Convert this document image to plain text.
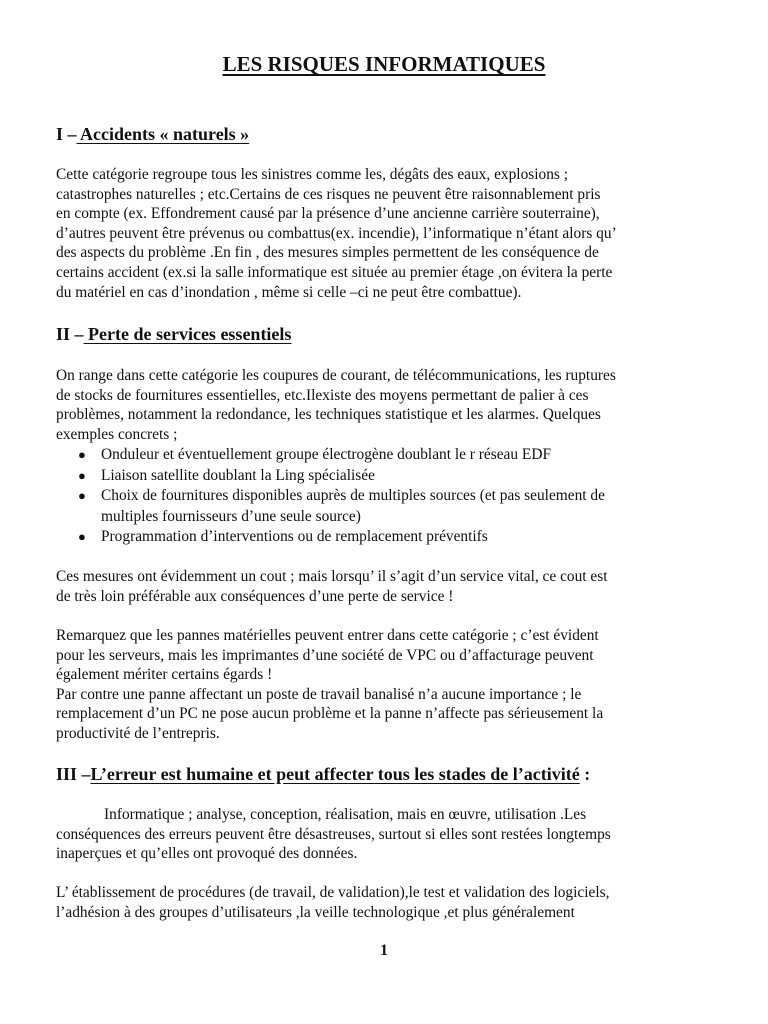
LES RISQUES INFORMATIQUES
I – Accidents « naturels »

Cette catégorie regroupe tous les sinistres comme les, dégâts des eaux, explosions ;
catastrophes naturelles ; etc.Certains de ces risques ne peuvent être raisonnablement pris
en compte (ex. Effondrement causé par la présence d’une ancienne carrière souterraine),
d’autres peuvent être prévenus ou combattus(ex. incendie), l’informatique n’étant alors qu’
des aspects du problème .En fin , des mesures simples permettent de les conséquence de
certains accident (ex.si la salle informatique est située au premier étage ,on évitera la perte
du matériel en cas d’inondation , même si celle –ci ne peut être combattue).

II – Perte de services essentiels

On range dans cette catégorie les coupures de courant, de télécommunications, les ruptures
de stocks de fournitures essentielles, etc.Ilexiste des moyens permettant de palier à ces
problèmes, notamment la redondance, les techniques statistique et les alarmes. Quelques
exemples concrets ;

● Onduleur et éventuellement groupe électrogène doublant le r réseau EDF
● Liaison satellite doublant la Ling spécialisée
● Choix de fournitures disponibles auprès de multiples sources (et pas seulement de
multiples fournisseurs d’une seule source)
● Programmation d’interventions ou de remplacement préventifs

Ces mesures ont évidemment un cout ; mais lorsqu’ il s’agit d’un service vital, ce cout est
de très loin préférable aux conséquences d’une perte de service !

Remarquez que les pannes matérielles peuvent entrer dans cette catégorie ; c’est évident
pour les serveurs, mais les imprimantes d’une société de VPC ou d’affacturage peuvent
également mériter certains égards !
Par contre une panne affectant un poste de travail banalisé n’a aucune importance ; le
remplacement d’un PC ne pose aucun problème et la panne n’affecte pas sérieusement la
productivité de l’entrepris.

III –L’erreur est humaine et peut affecter tous les stades de l’activité :

Informatique ; analyse, conception, réalisation, mais en œuvre, utilisation .Les
conséquences des erreurs peuvent être désastreuses, surtout si elles sont restées longtemps
inaperçues et qu’elles ont provoqué des données.

L’ établissement de procédures (de travail, de validation),le test et validation des logiciels,
l’adhésion à des groupes d’utilisateurs ,la veille technologique ,et plus généralement

1
